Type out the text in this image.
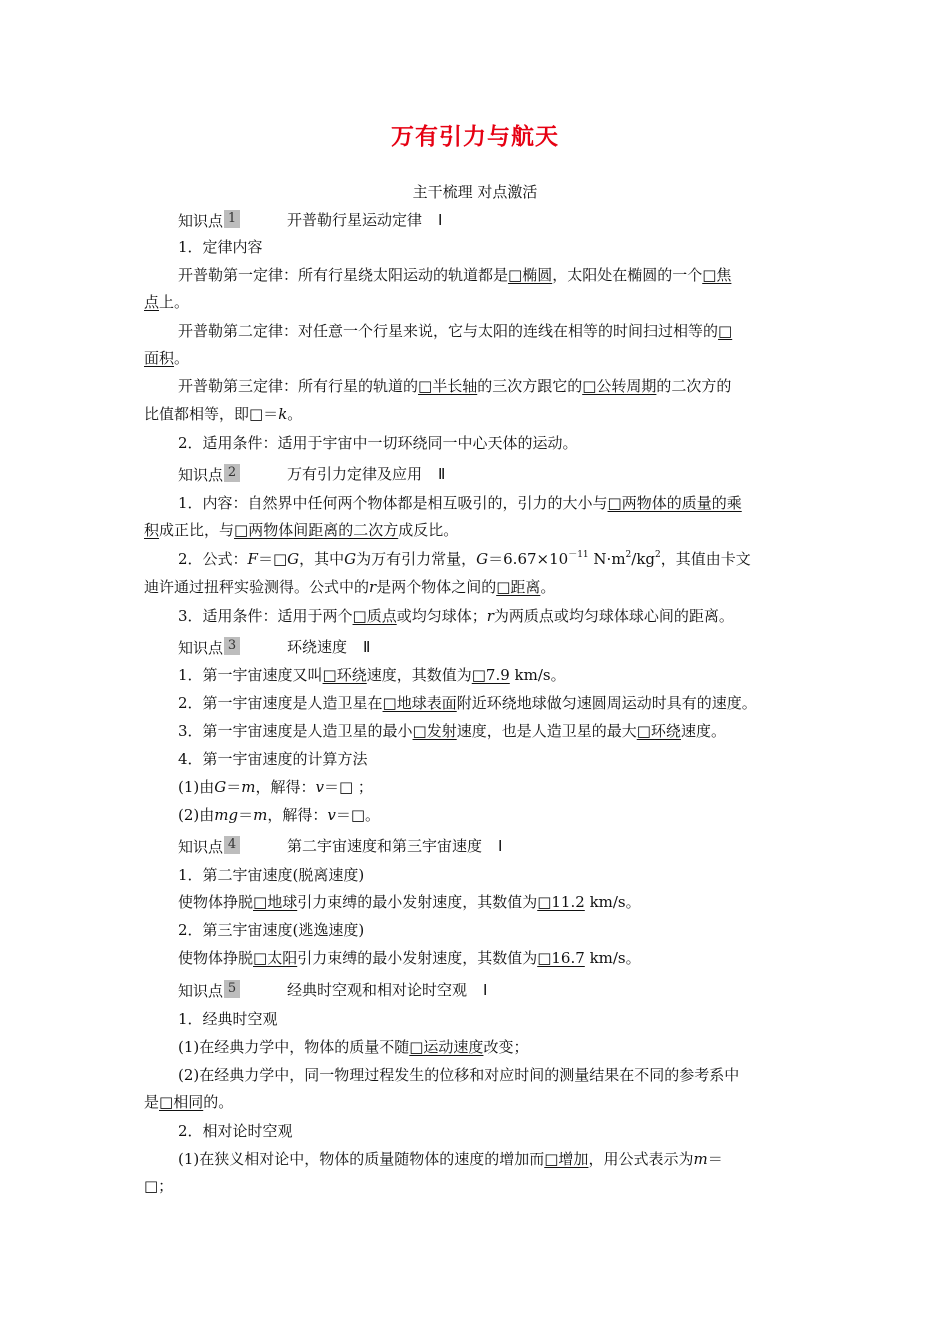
万有引力与航天
主干梳理 对点激活
知识点 1	开普勒行星运动定律 Ⅰ
1．定律内容
开普勒第一定律：所有行星绕太阳运动的轨道都是□椭圆，太阳处在椭圆的一个□焦
点上。
开普勒第二定律：对任意一个行星来说，它与太阳的连线在相等的时间扫过相等的□
面积。
开普勒第三定律：所有行星的轨道的□半长轴的三次方跟它的□公转周期的二次方的
比值都相等，即□＝k。
2．适用条件：适用于宇宙中一切环绕同一中心天体的运动。
知识点 2	万有引力定律及应用 Ⅱ
1．内容：自然界中任何两个物体都是相互吸引的，引力的大小与□两物体的质量的乘
积成正比，与□两物体间距离的二次方成反比。
2．公式：F＝□G，其中G为万有引力常量，$G=6.67\times 10^{-11}$ $N\cdot m^2/kg^2$，其值由卡文
迪许通过扭秤实验测得。公式中的r是两个物体之间的□距离。
3．适用条件：适用于两个□质点或均匀球体；r为两质点或均匀球体球心间的距离。
知识点 3	环绕速度 Ⅱ
1．第一宇宙速度又叫□环绕速度，其数值为□7.9 km/s。
2．第一宇宙速度是人造卫星在□地球表面附近环绕地球做匀速圆周运动时具有的速度。
3．第一宇宙速度是人造卫星的最小□发射速度，也是人造卫星的最大□环绕速度。
4．第一宇宙速度的计算方法
(1)由G＝m，解得：v＝□ ；
(2)由mg＝m，解得：v＝□。
知识点 4	第二宇宙速度和第三宇宙速度 Ⅰ
1．第二宇宙速度(脱离速度)
使物体挣脱□地球引力束缚的最小发射速度，其数值为□11.2 km/s。
2．第三宇宙速度(逃逸速度)
使物体挣脱□太阳引力束缚的最小发射速度，其数值为□16.7 km/s。
知识点 5	经典时空观和相对论时空观 Ⅰ
1．经典时空观
(1)在经典力学中，物体的质量不随□运动速度改变；
(2)在经典力学中，同一物理过程发生的位移和对应时间的测量结果在不同的参考系中
是□相同的。
2．相对论时空观
(1)在狭义相对论中，物体的质量随物体的速度的增加而□增加，用公式表示为m＝
□；
